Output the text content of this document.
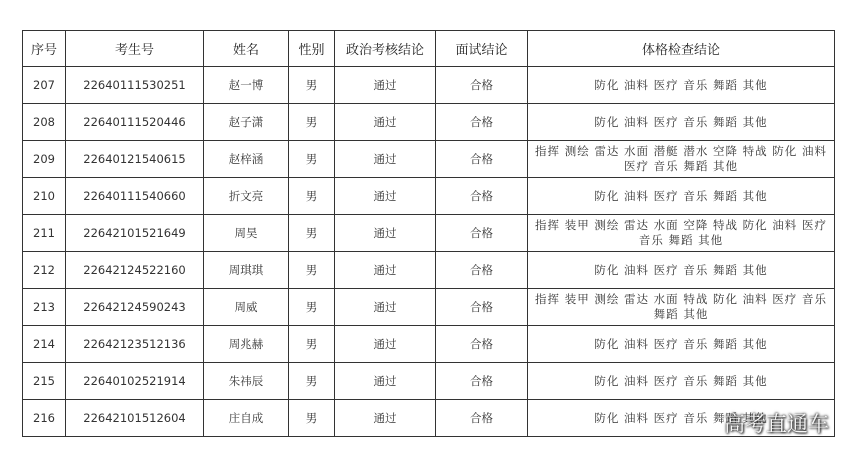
序号	考生号	姓名	性别	政治考核结论	面试结论	体格检查结论
207	22640111530251	赵一博	男	通过	合格	防化 油料 医疗 音乐 舞蹈 其他
208	22640111520446	赵子潇	男	通过	合格	防化 油料 医疗 音乐 舞蹈 其他
209	22640121540615	赵梓涵	男	通过	合格	指挥 测绘 雷达 水面 潜艇 潜水 空降 特战 防化 油料 医疗 音乐 舞蹈 其他
210	22640111540660	折文亮	男	通过	合格	防化 油料 医疗 音乐 舞蹈 其他
211	22642101521649	周昊	男	通过	合格	指挥 装甲 测绘 雷达 水面 空降 特战 防化 油料 医疗 音乐 舞蹈 其他
212	22642124522160	周琪琪	男	通过	合格	防化 油料 医疗 音乐 舞蹈 其他
213	22642124590243	周威	男	通过	合格	指挥 装甲 测绘 雷达 水面 特战 防化 油料 医疗 音乐 舞蹈 其他
214	22642123512136	周兆赫	男	通过	合格	防化 油料 医疗 音乐 舞蹈 其他
215	22640102521914	朱祎辰	男	通过	合格	防化 油料 医疗 音乐 舞蹈 其他
216	22642101512604	庄自成	男	通过	合格	防化 油料 医疗 音乐 舞蹈 其他
高考直通车
